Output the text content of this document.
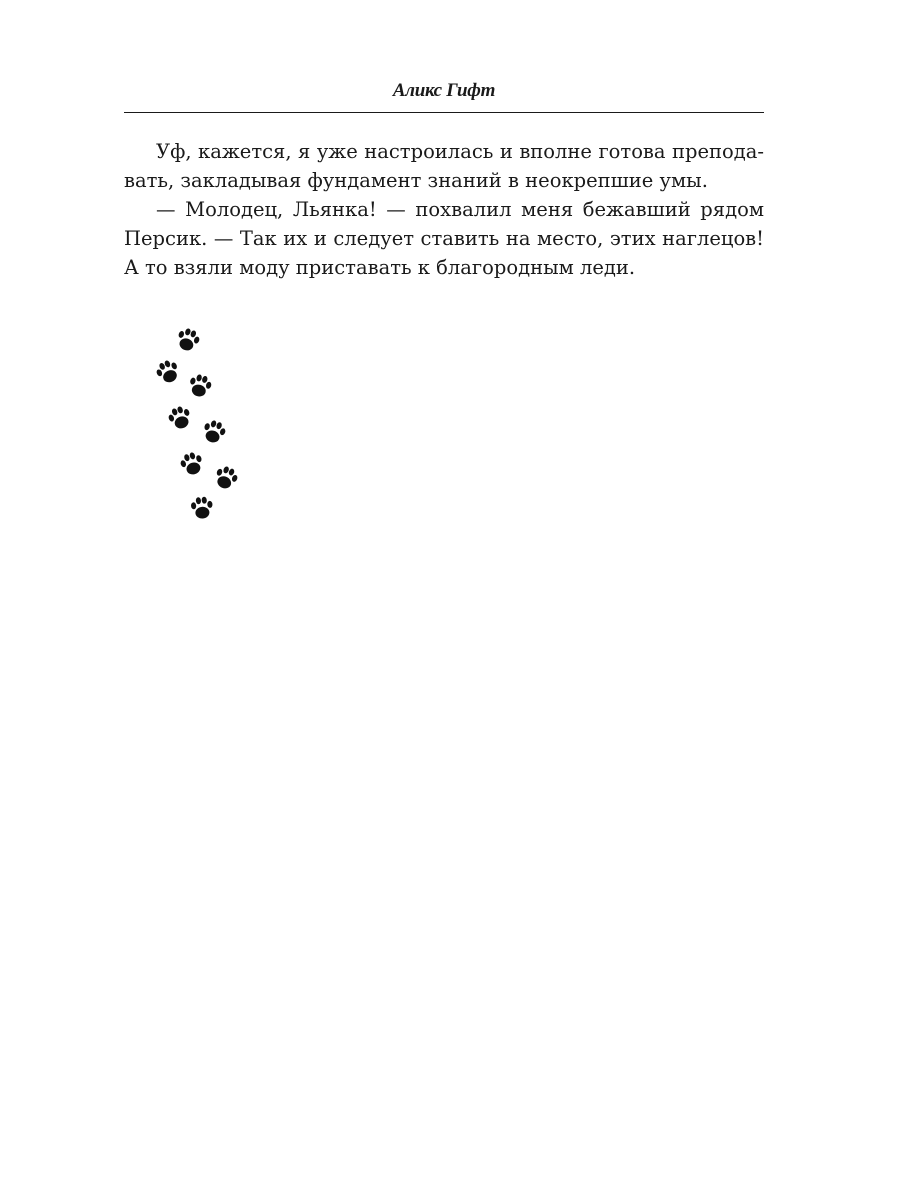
Аликс Гифт
Уф, кажется, я уже настроилась и вполне готова препода-
вать, закладывая фундамент знаний в неокрепшие умы.
— Молодец, Льянка! — похвалил меня бежавший рядом
Персик. — Так их и следует ставить на место, этих наглецов!
А то взяли моду приставать к благородным леди.
